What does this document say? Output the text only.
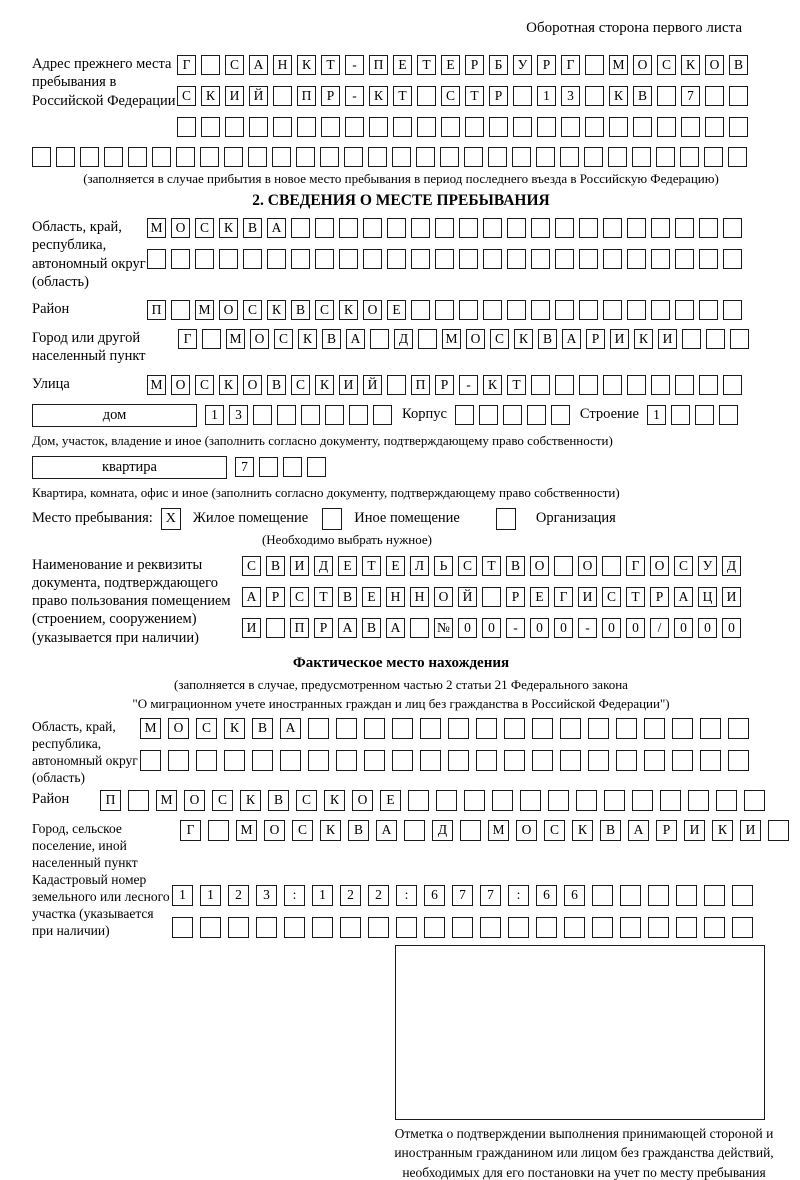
Оборотная сторона первого листа
Адрес прежнего места пребывания в Российской Федерации
Г	С	А	Н	К	Т	-	П	Е	Т	Е	Р	Б	У	Р	Г	М О	С	К	О	В
С	К	И	Й	П	Р	-	К	Т	С	Т	Р	1	3	К	В	7
(заполняется в случае прибытия в новое место пребывания в период последнего въезда в Российскую Федерацию)
2. СВЕДЕНИЯ О МЕСТЕ ПРЕБЫВАНИЯ
Область, край, республика, автономный округ (область)
М О	С	К	В	А
Район	П	М О	С	К	В	С	К	О	Е
Город или другой населенный пункт
Г	М О	С	К	В	А	Д	М О	С	К	В	А	Р	И	К	И
Улица	М О	С	К	О	В	С	К	И	Й	П	Р	-	К	Т
дом	1	3	Корпус	Строение	1
Дом, участок, владение и иное (заполнить согласно документу, подтверждающему право собственности)
квартира	7
Квартира, комната, офис и иное (заполнить согласно документу, подтверждающему право собственности)
Место пребывания: X	Жилое помещение	Иное помещение	Организация
(Необходимо выбрать нужное)
Наименование и реквизиты документа, подтверждающего право пользования помещением (строением, сооружением) (указывается при наличии)
С	В	И	Д	Е	Т	Е	Л	Ь	С	Т	В	О	О	Г	О	С	У	Д
А	Р	С	Т	В	Е	Н	Н	О	Й	Р	Е	Г	И	С	Т	Р	А	Ц	И
И	П	Р	А	В	А	№	0	0	-	0	0	-	0	0	/	0	0	0
Фактическое место нахождения
(заполняется в случае, предусмотренном частью 2 статьи 21 Федерального закона
"О миграционном учете иностранных граждан и лиц без гражданства в Российской Федерации")
Область, край, республика, автономный округ (область)
М	О	С	К	В	А
Район	П	М	О	С	К	В	С	К	О	Е
Город, сельское поселение, иной населенный пункт
Г	М	О	С	К	В	А	Д	М	О	С	К	В	А	Р	И	К	И
Кадастровый номер земельного или лесного участка (указывается при наличии)
1	1	2	3	:	1	2	2	:	6	7	7	:	6	6
Отметка о подтверждении выполнения принимающей стороной и иностранным гражданином или лицом без гражданства действий, необходимых для его постановки на учет по месту пребывания
